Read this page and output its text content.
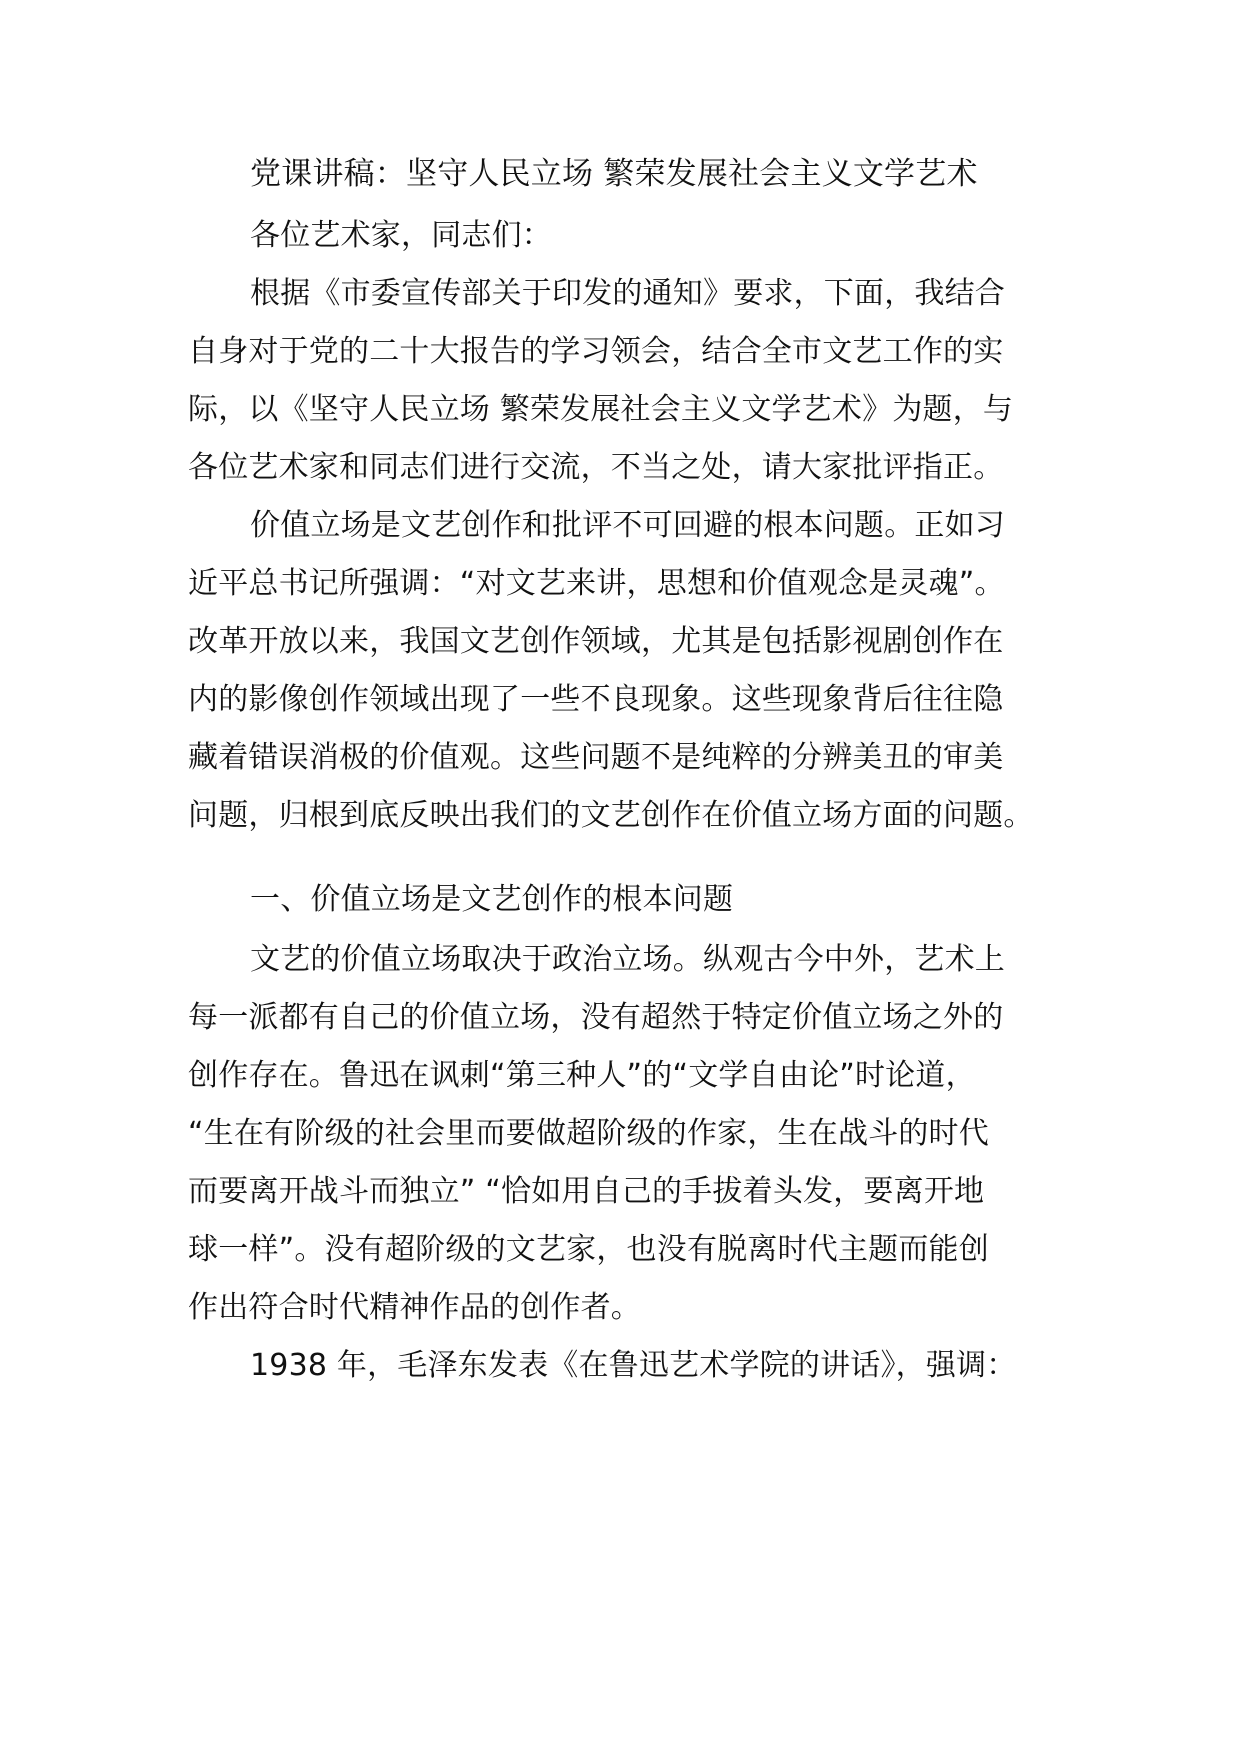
党课讲稿：坚守人民立场 繁荣发展社会主义文学艺术
各位艺术家，同志们：
根据《市委宣传部关于印发的通知》要求，下面，我结合
自身对于党的二十大报告的学习领会，结合全市文艺工作的实
际，以《坚守人民立场 繁荣发展社会主义文学艺术》为题，与
各位艺术家和同志们进行交流，不当之处，请大家批评指正。
价值立场是文艺创作和批评不可回避的根本问题。正如习
近平总书记所强调：“对文艺来讲，思想和价值观念是灵魂”。
改革开放以来，我国文艺创作领域，尤其是包括影视剧创作在
内的影像创作领域出现了一些不良现象。这些现象背后往往隐
藏着错误消极的价值观。这些问题不是纯粹的分辨美丑的审美
问题，归根到底反映出我们的文艺创作在价值立场方面的问题。
一、价值立场是文艺创作的根本问题
文艺的价值立场取决于政治立场。纵观古今中外，艺术上
每一派都有自己的价值立场，没有超然于特定价值立场之外的
创作存在。鲁迅在讽刺“第三种人”的“文学自由论”时论道，
“生在有阶级的社会里而要做超阶级的作家，生在战斗的时代
而要离开战斗而独立” “恰如用自己的手拔着头发，要离开地
球一样”。没有超阶级的文艺家，也没有脱离时代主题而能创
作出符合时代精神作品的创作者。
1938 年，毛泽东发表《在鲁迅艺术学院的讲话》，强调：
